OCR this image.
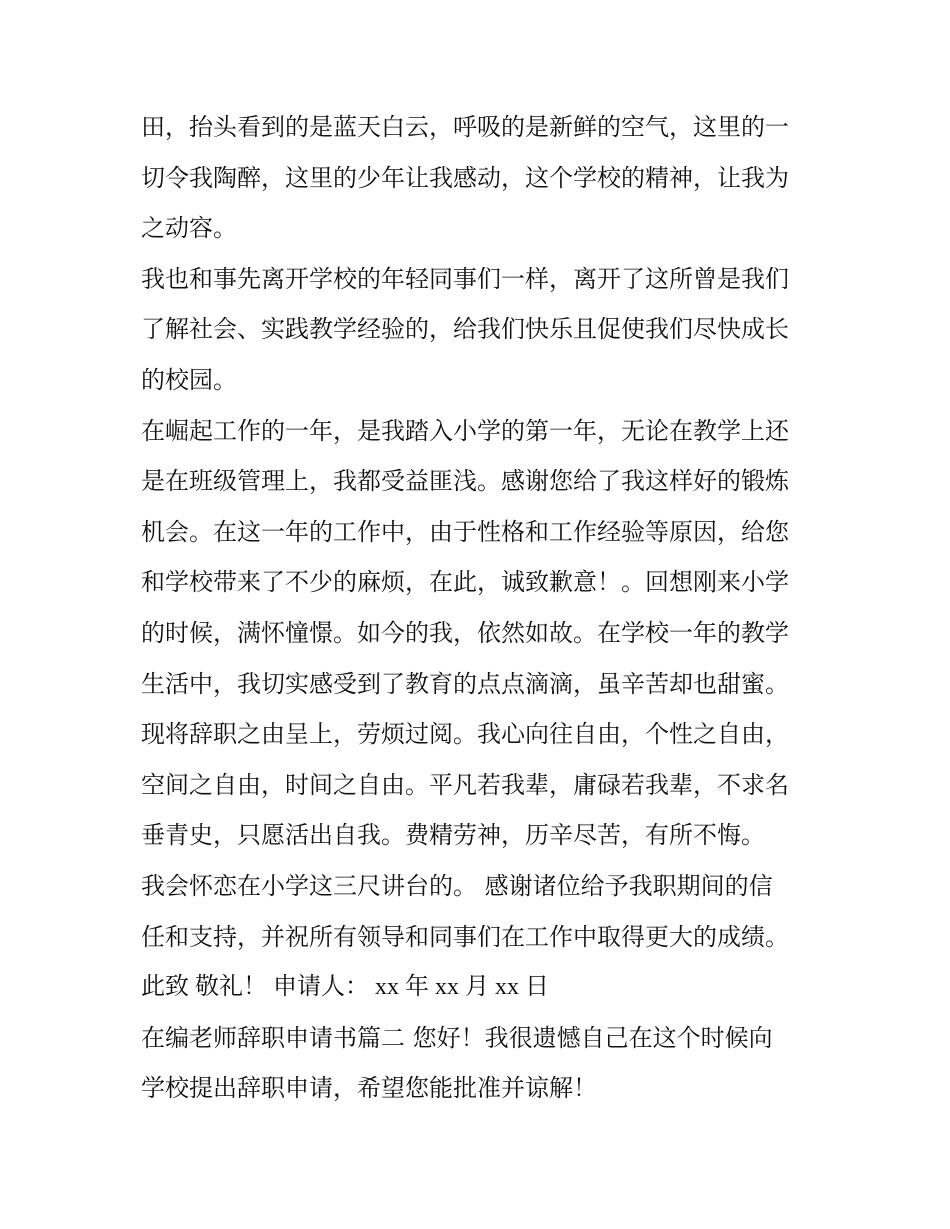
田，抬头看到的是蓝天白云，呼吸的是新鲜的空气，这里的一
切令我陶醉，这里的少年让我感动，这个学校的精神，让我为
之动容。
我也和事先离开学校的年轻同事们一样，离开了这所曾是我们
了解社会、实践教学经验的，给我们快乐且促使我们尽快成长
的校园。
在崛起工作的一年，是我踏入小学的第一年，无论在教学上还
是在班级管理上，我都受益匪浅。感谢您给了我这样好的锻炼
机会。在这一年的工作中，由于性格和工作经验等原因，给您
和学校带来了不少的麻烦，在此，诚致歉意！。回想刚来小学
的时候，满怀憧憬。如今的我，依然如故。在学校一年的教学
生活中，我切实感受到了教育的点点滴滴，虽辛苦却也甜蜜。
现将辞职之由呈上，劳烦过阅。我心向往自由，个性之自由，
空间之自由，时间之自由。平凡若我辈，庸碌若我辈，不求名
垂青史，只愿活出自我。费精劳神，历辛尽苦，有所不悔。
我会怀恋在小学这三尺讲台的。 感谢诸位给予我职期间的信
任和支持，并祝所有领导和同事们在工作中取得更大的成绩。
此致 敬礼！ 申请人： xx 年 xx 月 xx 日
在编老师辞职申请书篇二 您好！我很遗憾自己在这个时候向
学校提出辞职申请，希望您能批准并谅解！
